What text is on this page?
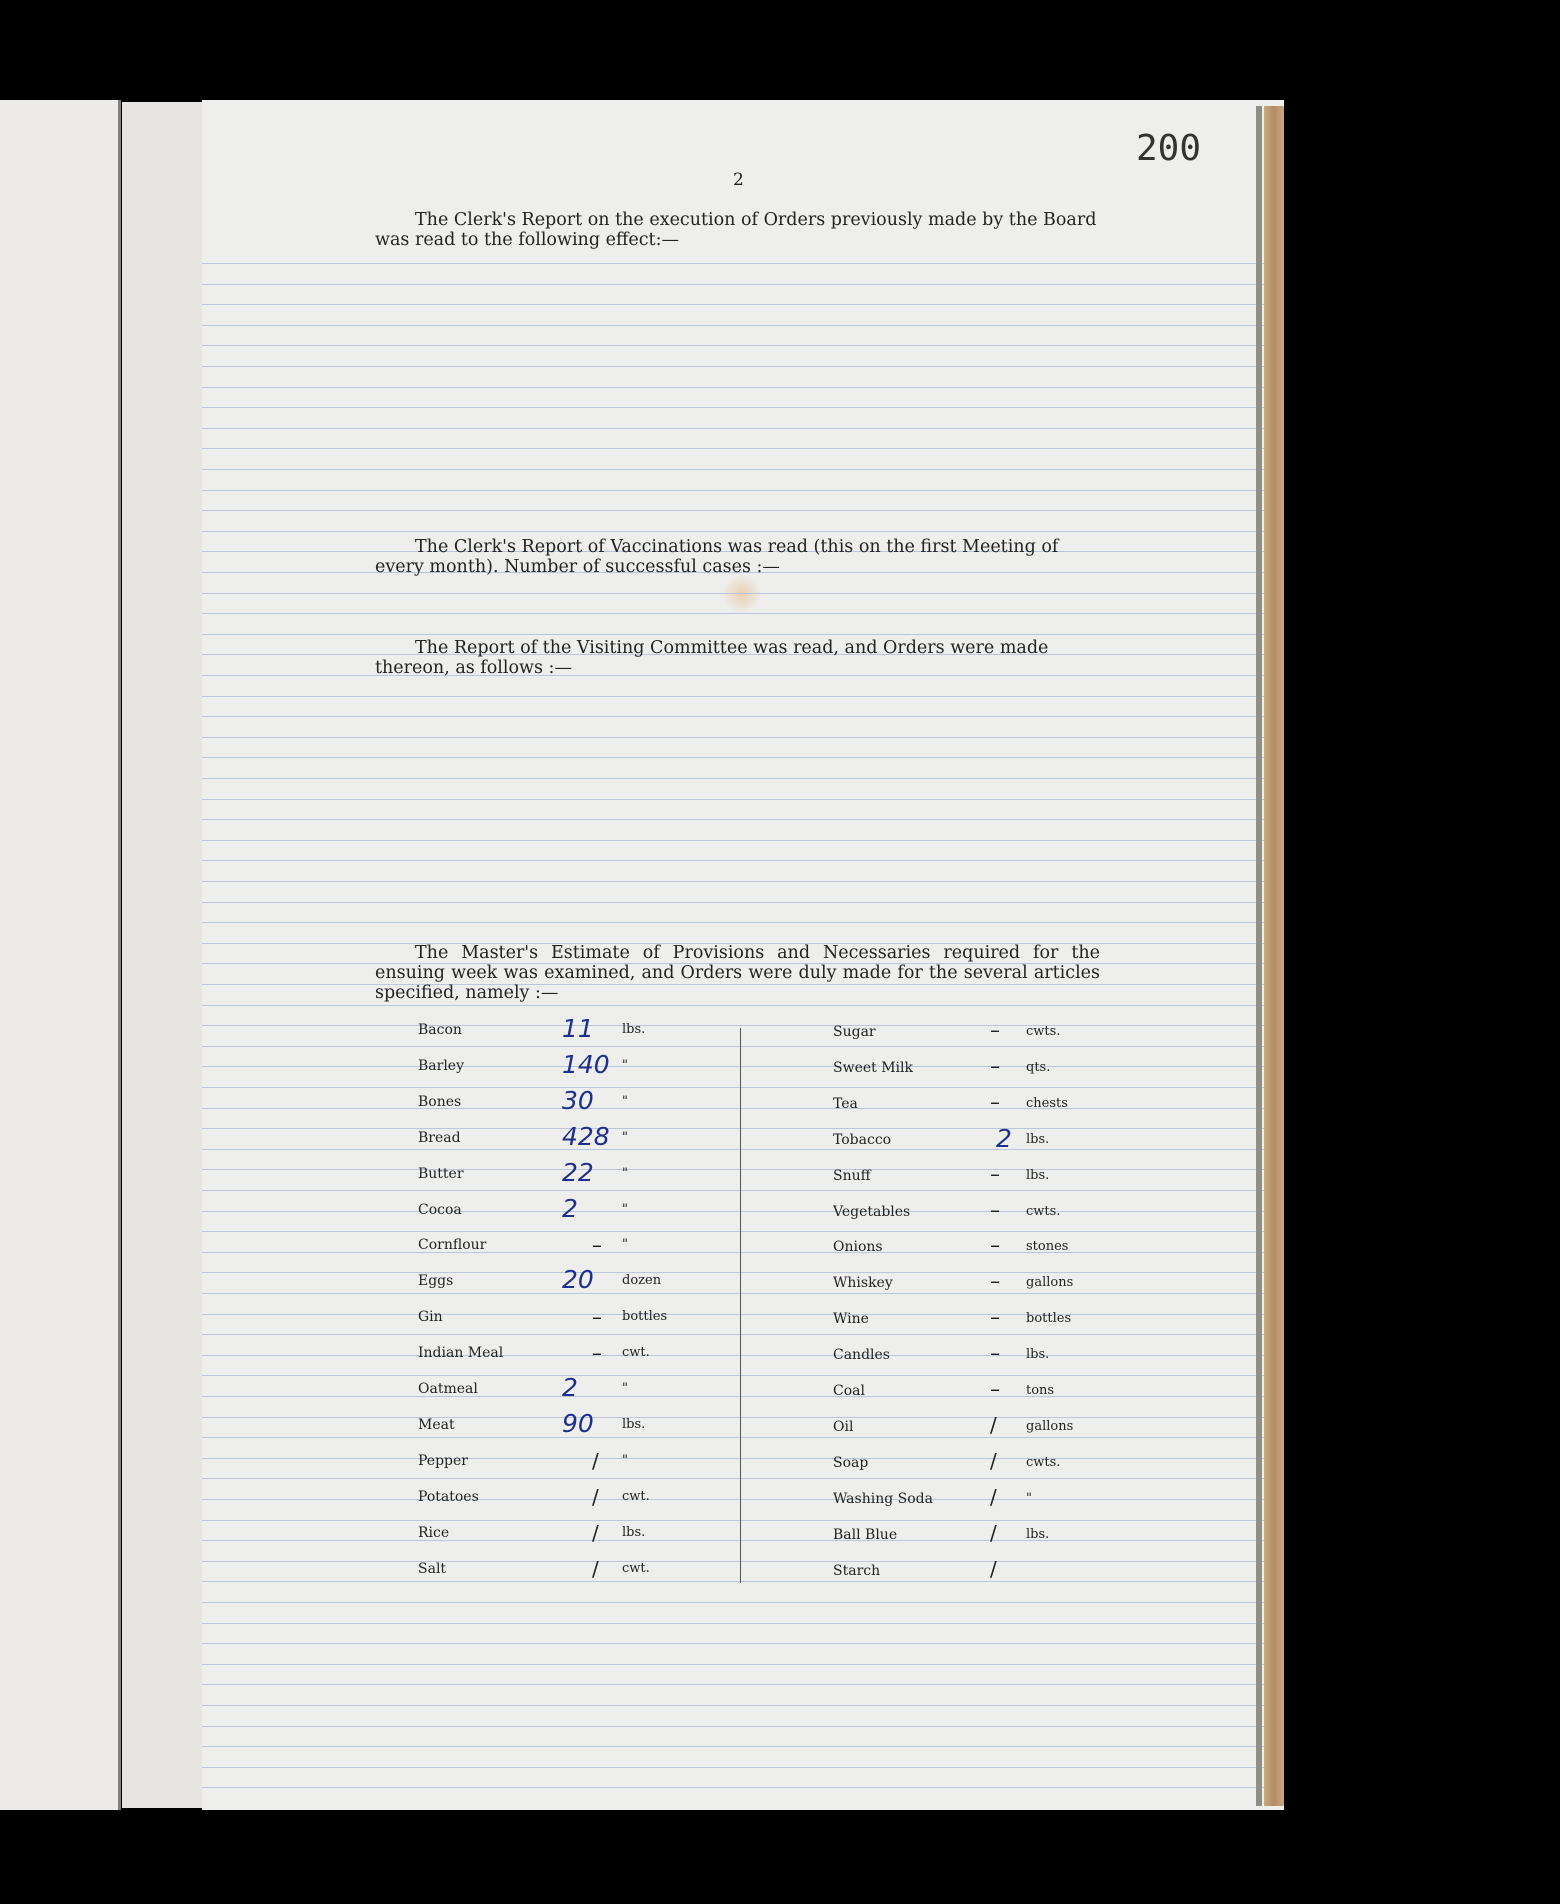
200
2
The Clerk's Report on the execution of Orders previously made by the Board was read to the following effect:—
The Clerk's Report of Vaccinations was read (this on the first Meeting of every month). Number of successful cases :—
The Report of the Visiting Committee was read, and Orders were made thereon, as follows :—
The Master's Estimate of Provisions and Necessaries required for the ensuing week was examined, and Orders were duly made for the several articles specified, namely :—
Bacon	11 lbs.
Barley	140 "
Bones	30 "
Bread	428 "
Butter	22 "
Cocoa	2	"
Cornflour	– "
Eggs	20 dozen
Gin	– bottles
Indian Meal	– cwt.
Oatmeal	2	"
Meat	90 lbs.
Pepper	/ "
Potatoes	/ cwt.
Rice	/ lbs.
Salt	/ cwt.
Sugar	– cwts.
Sweet Milk	– qts.
Tea	– chests
Tobacco	2 lbs.
Snuff	– lbs.
Vegetables	– cwts.
Onions	– stones
Whiskey	– gallons
Wine	– bottles
Candles	– lbs.
Coal	– tons
Oil	/ gallons
Soap	/ cwts.
Washing Soda	/ "
Ball Blue	/ lbs.
Starch	/
